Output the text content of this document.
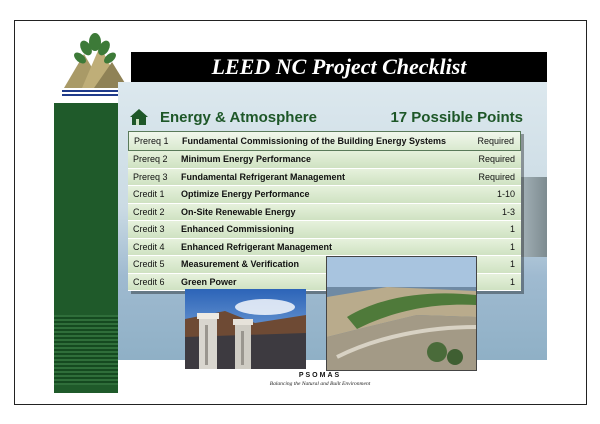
LEED NC Project Checklist
Energy & Atmosphere	17 Possible Points
Prereq 1	Fundamental Commissioning of the Building Energy Systems	Required
Prereq 2	Minimum Energy Performance	Required
Prereq 3	Fundamental Refrigerant Management	Required
Credit 1	Optimize Energy Performance	1-10
Credit 2	On-Site Renewable Energy	1-3
Credit 3	Enhanced Commissioning	1
Credit 4	Enhanced Refrigerant Management	1
Credit 5	Measurement & Verification	1
Credit 6	Green Power	1
PSOMAS
Balancing the Natural and Built Environment
